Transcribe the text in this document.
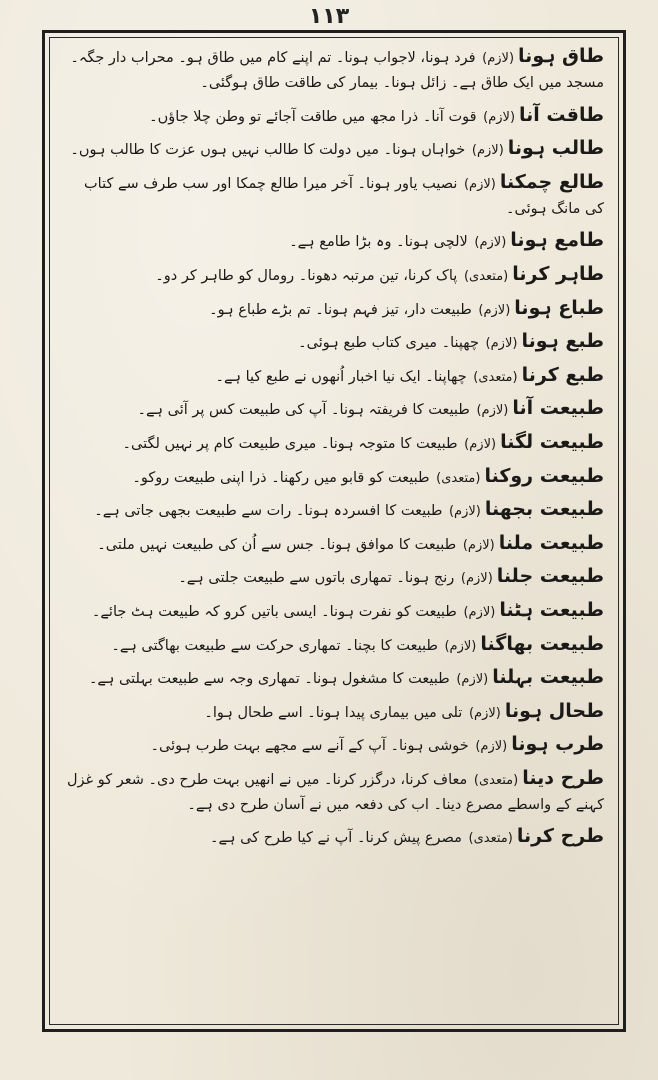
۱۱۳

طاق ہونا(لازم) فرد ہونا، لاجواب ہونا۔ تم اپنے کام میں طاق ہو۔ محراب دار جگہ۔ مسجد میں ایک طاق ہے۔ زائل ہونا۔ بیمار کی طاقت طاق ہوگئی۔

طاقت آنا(لازم) قوت آنا۔ ذرا مجھ میں طاقت آجائے تو وطن چلا جاؤں۔

طالب ہونا(لازم) خواہاں ہونا۔ میں دولت کا طالب نہیں ہوں عزت کا طالب ہوں۔

طالع چمکنا(لازم) نصیب یاور ہونا۔ آخر میرا طالع چمکا اور سب طرف سے کتاب کی مانگ ہوئی۔

طامع ہونا(لازم) لالچی ہونا۔ وہ بڑا طامع ہے۔

طاہر کرنا(متعدی) پاک کرنا، تین مرتبہ دھونا۔ رومال کو طاہر کر دو۔

طباع ہونا(لازم) طبیعت دار، تیز فہم ہونا۔ تم بڑے طباع ہو۔

طبع ہونا(لازم) چھپنا۔ میری کتاب طبع ہوئی۔

طبع کرنا(متعدی) چھاپنا۔ ایک نیا اخبار اُنھوں نے طبع کیا ہے۔

طبیعت آنا(لازم) طبیعت کا فریفتہ ہونا۔ آپ کی طبیعت کس پر آئی ہے۔

طبیعت لگنا(لازم) طبیعت کا متوجہ ہونا۔ میری طبیعت کام پر نہیں لگتی۔

طبیعت روکنا(متعدی) طبیعت کو قابو میں رکھنا۔ ذرا اپنی طبیعت روکو۔

طبیعت بجھنا(لازم) طبیعت کا افسردہ ہونا۔ رات سے طبیعت بجھی جاتی ہے۔

طبیعت ملنا(لازم) طبیعت کا موافق ہونا۔ جس سے اُن کی طبیعت نہیں ملتی۔

طبیعت جلنا(لازم) رنج ہونا۔ تمھاری باتوں سے طبیعت جلتی ہے۔

طبیعت ہٹنا(لازم) طبیعت کو نفرت ہونا۔ ایسی باتیں کرو کہ طبیعت ہٹ جائے۔

طبیعت بھاگنا(لازم) طبیعت کا بچنا۔ تمھاری حرکت سے طبیعت بھاگتی ہے۔

طبیعت بہلنا(لازم) طبیعت کا مشغول ہونا۔ تمھاری وجہ سے طبیعت بہلتی ہے۔

طحال ہونا(لازم) تلی میں بیماری پیدا ہونا۔ اسے طحال ہوا۔

طرب ہونا(لازم) خوشی ہونا۔ آپ کے آنے سے مجھے بہت طرب ہوئی۔

طرح دینا(متعدی) معاف کرنا، درگزر کرنا۔ میں نے انھیں بہت طرح دی۔ شعر کو غزل کہنے کے واسطے مصرع دینا۔ اب کی دفعہ میں نے آسان طرح دی ہے۔

طرح کرنا(متعدی) مصرع پیش کرنا۔ آپ نے کیا طرح کی ہے۔
